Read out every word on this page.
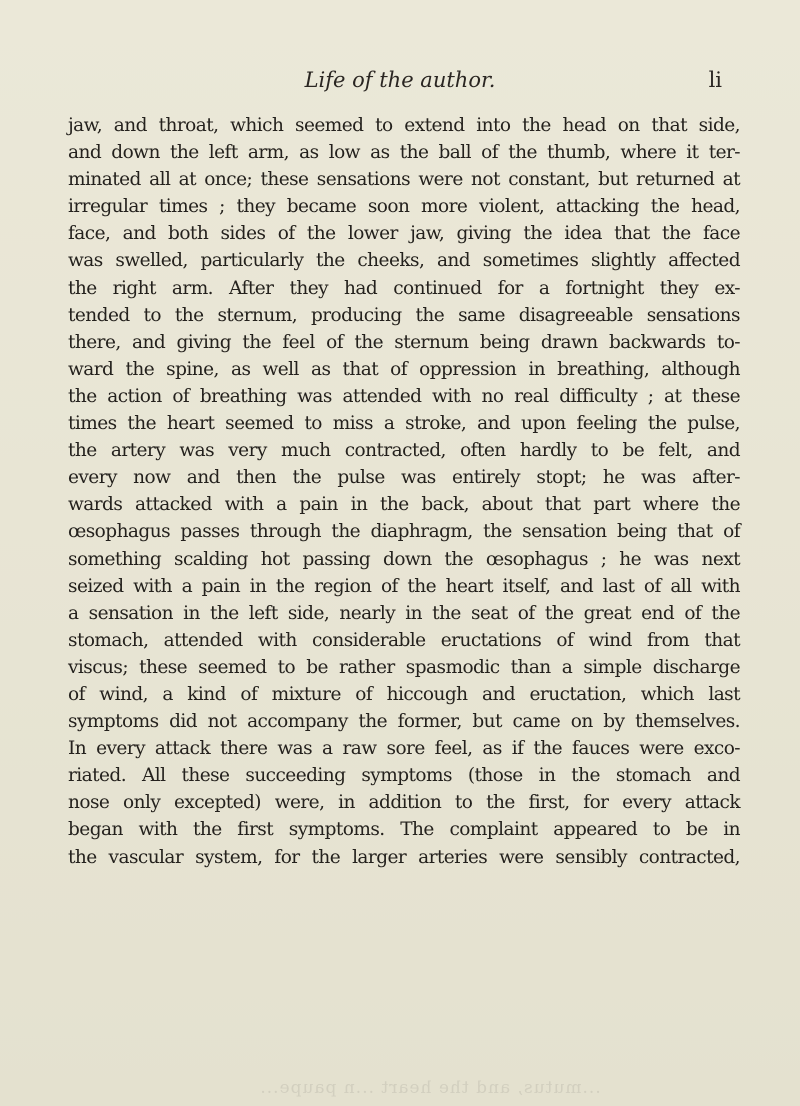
Life of the author.	li
jaw, and throat, which seemed to extend into the head on that side,
and down the left arm, as low as the ball of the thumb, where it ter-
minated all at once; these sensations were not constant, but returned at
irregular times ; they became soon more violent, attacking the head,
face, and both sides of the lower jaw, giving the idea that the face
was swelled, particularly the cheeks, and sometimes slightly affected
the right arm. After they had continued for a fortnight they ex-
tended to the sternum, producing the same disagreeable sensations
there, and giving the feel of the sternum being drawn backwards to-
ward the spine, as well as that of oppression in breathing, although
the action of breathing was attended with no real difficulty ; at these
times the heart seemed to miss a stroke, and upon feeling the pulse,
the artery was very much contracted, often hardly to be felt, and
every now and then the pulse was entirely stopt; he was after-
wards attacked with a pain in the back, about that part where the
œsophagus passes through the diaphragm, the sensation being that of
something scalding hot passing down the œsophagus ; he was next
seized with a pain in the region of the heart itself, and last of all with
a sensation in the left side, nearly in the seat of the great end of the
stomach, attended with considerable eructations of wind from that
viscus; these seemed to be rather spasmodic than a simple discharge
of wind, a kind of mixture of hiccough and eructation, which last
symptoms did not accompany the former, but came on by themselves.
In every attack there was a raw sore feel, as if the fauces were exco-
riated. All these succeeding symptoms (those in the stomach and
nose only excepted) were, in addition to the first, for every attack
began with the first symptoms. The complaint appeared to be in
the vascular system, for the larger arteries were sensibly contracted,
...mutus, and the heart ...n paupe...
